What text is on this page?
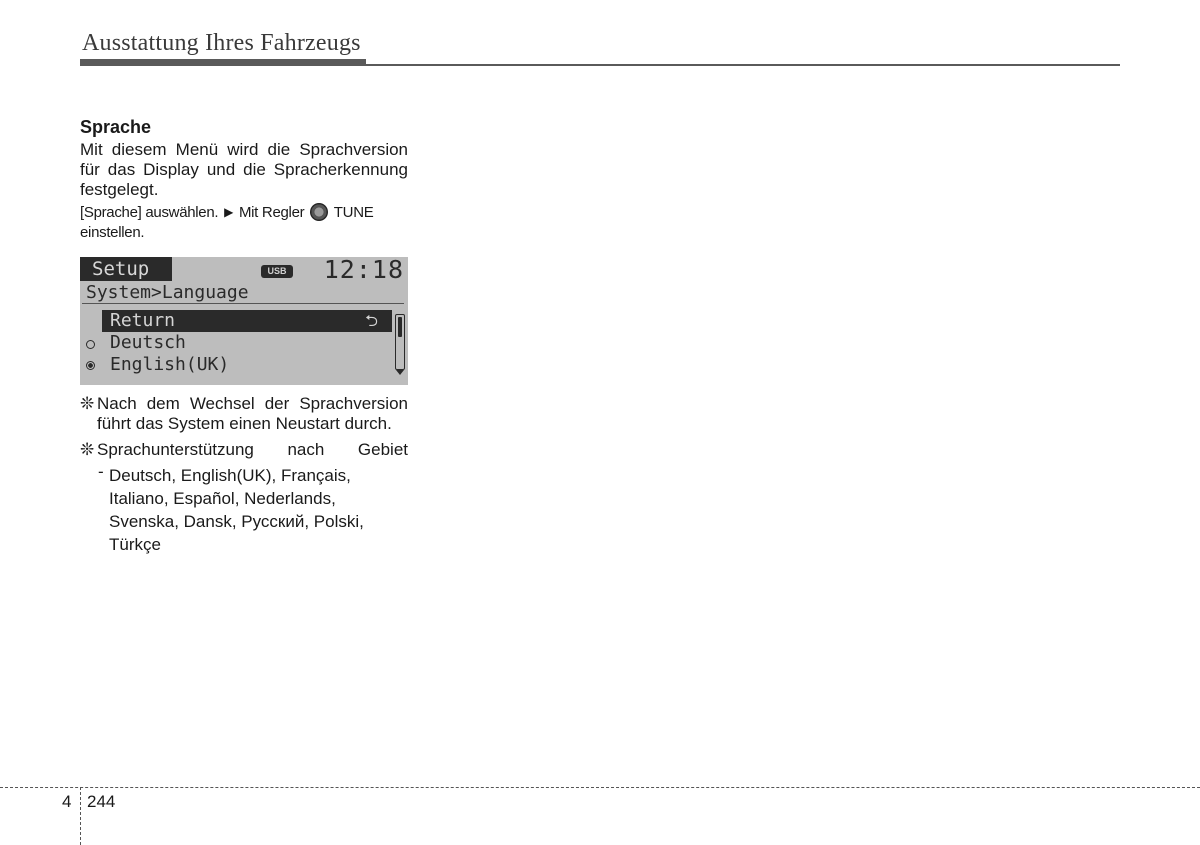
Ausstattung Ihres Fahrzeugs
Sprache

Mit diesem Menü wird die Sprachversion für das Display und die Spracherkennung festgelegt.

[Sprache] auswählen. ▶ Mit Regler TUNE einstellen.
Setup	USB 12:18
System>Language
Return	⮌
Deutsch
English(UK)
❊ Nach dem Wechsel der Sprachversion führt das System einen Neustart durch.
❊ Sprachunterstützung nach Gebiet
- Deutsch, English(UK), Français, Italiano, Español, Nederlands, Svenska, Dansk, Русский, Polski, Türkçe
4 244
